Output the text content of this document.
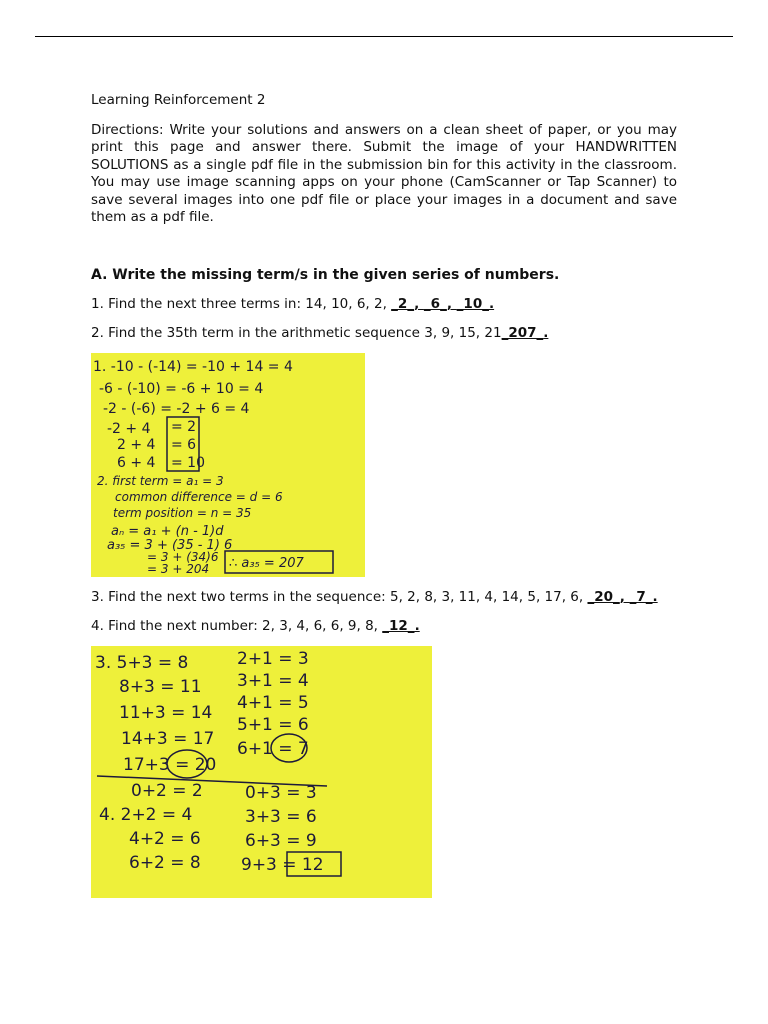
Learning Reinforcement 2

Directions: Write your solutions and answers on a clean sheet of paper, or you may print this page and answer there. Submit the image of your HANDWRITTEN SOLUTIONS as a single pdf file in the submission bin for this activity in the classroom. You may use image scanning apps on your phone (CamScanner or Tap Scanner) to save several images into one pdf file or place your images in a document and save them as a pdf file.

A. Write the missing term/s in the given series of numbers.

1. Find the next three terms in: 14, 10, 6, 2, _2_, _6_, _10_.

2. Find the 35th term in the arithmetic sequence 3, 9, 15, 21_207_.

1. -10 - (-14) = -10 + 14 = 4
-6 - (-10) = -6 + 10 = 4
-2 - (-6) = -2 + 6 = 4
-2 + 4 = 2
2 + 4 = 6
6 + 4 = 10
2. first term = a₁ = 3
common difference = d = 6
term position = n = 35
aₙ = a₁ + (n - 1)d
a₃₅ = 3 + (35 - 1) 6
= 3 + (34)6
= 3 + 204 ∴ a₃₅ = 207

3. Find the next two terms in the sequence: 5, 2, 8, 3, 11, 4, 14, 5, 17, 6, _20_, _7_.

4. Find the next number: 2, 3, 4, 6, 6, 9, 8, _12_.

3. 5+3 = 8
8+3 = 11
11+3 = 14
14+3 = 17
17+3 = 20
2+1 = 3
3+1 = 4
4+1 = 5
5+1 = 6
6+1 = 7
0+2 = 2
4. 2+2 = 4
4+2 = 6
6+2 = 8
0+3 = 3
3+3 = 6
6+3 = 9
9+3 = 12
